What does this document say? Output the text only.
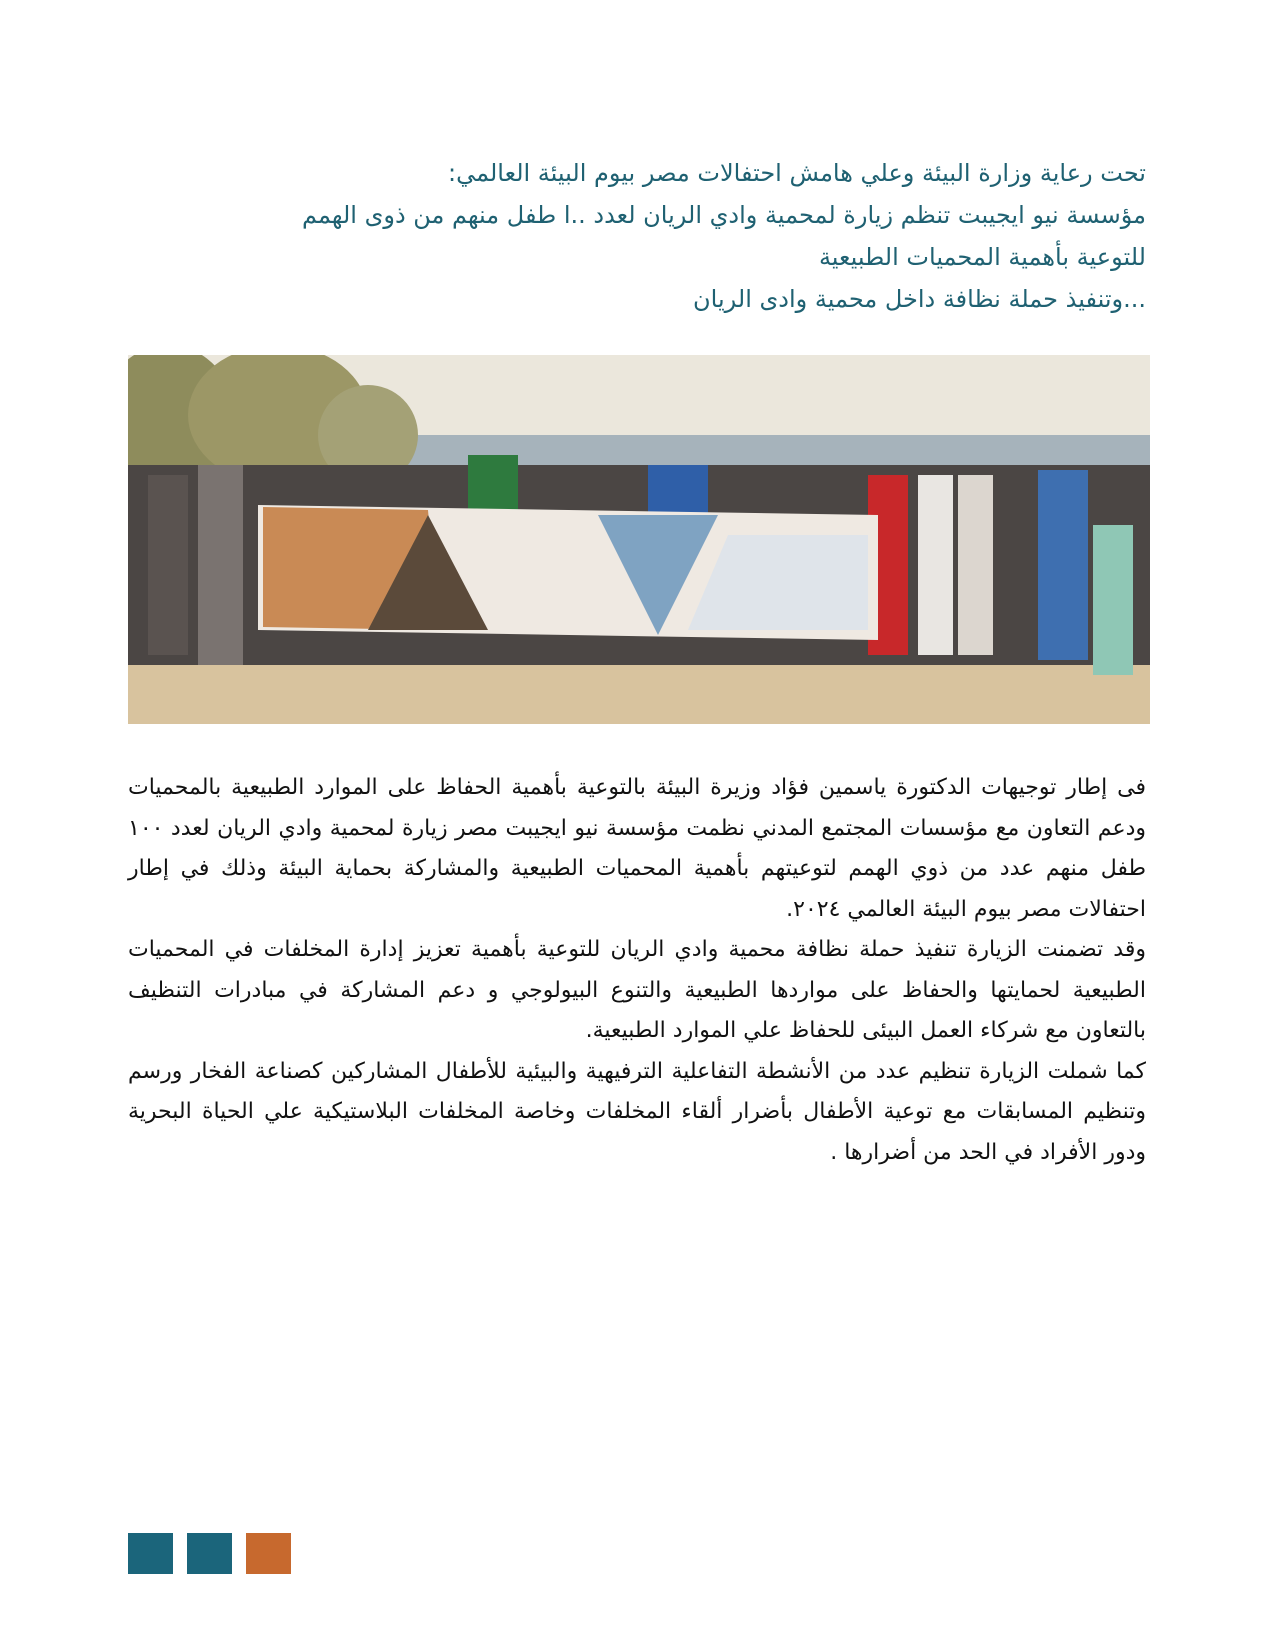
تحت رعاية وزارة البيئة وعلي هامش احتفالات مصر بيوم البيئة العالمي:
مؤسسة نيو ايجيبت تنظم زيارة لمحمية وادي الريان لعدد ..ا طفل منهم من ذوى الهمم
للتوعية بأهمية المحميات الطبيعية
...وتنفيذ حملة نظافة داخل محمية وادى الريان

فى إطار توجيهات الدكتورة ياسمين فؤاد وزيرة البيئة بالتوعية بأهمية الحفاظ على الموارد الطبيعية بالمحميات ودعم التعاون مع مؤسسات المجتمع المدني نظمت مؤسسة نيو ايجيبت مصر زيارة لمحمية وادي الريان لعدد ١٠٠ طفل منهم عدد من ذوي الهمم لتوعيتهم بأهمية المحميات الطبيعية والمشاركة بحماية البيئة وذلك في إطار احتفالات مصر بيوم البيئة العالمي ٢٠٢٤.

وقد تضمنت الزيارة تنفيذ حملة نظافة محمية وادي الريان للتوعية بأهمية تعزيز إدارة المخلفات في المحميات الطبيعية لحمايتها والحفاظ على مواردها الطبيعية والتنوع البيولوجي و دعم المشاركة في مبادرات التنظيف بالتعاون مع شركاء العمل البيئى للحفاظ علي الموارد الطبيعية.

كما شملت الزيارة تنظيم عدد من الأنشطة التفاعلية الترفيهية والبيئية للأطفال المشاركين كصناعة الفخار ورسم وتنظيم المسابقات مع توعية الأطفال بأضرار ألقاء المخلفات وخاصة المخلفات البلاستيكية علي الحياة البحرية ودور الأفراد في الحد من أضرارها .
